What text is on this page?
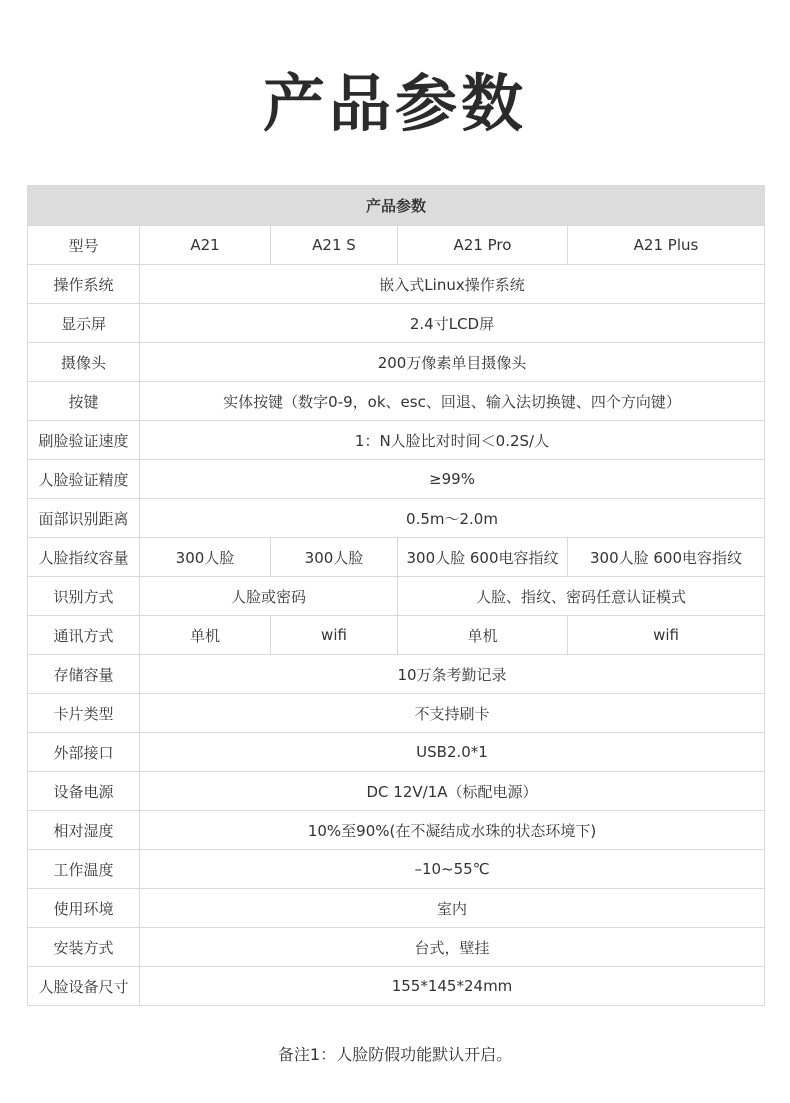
产品参数
产品参数				
型号	A21	A21 S	A21 Pro	A21 Plus
操作系统	嵌入式Linux操作系统			
显示屏	2.4寸LCD屏			
摄像头	200万像素单目摄像头			
按键	实体按键（数字0-9，ok、esc、回退、输入法切换键、四个方向键）			
刷脸验证速度	1：N人脸比对时间＜0.2S/人			
人脸验证精度	≥99%			
面部识别距离	0.5m～2.0m			
人脸指纹容量	300人脸	300人脸	300人脸 600电容指纹	300人脸 600电容指纹
识别方式	人脸或密码		人脸、指纹、密码任意认证模式	
通讯方式	单机	wifi	单机	wifi
存储容量	10万条考勤记录			
卡片类型	不支持刷卡			
外部接口	USB2.0*1			
设备电源	DC 12V/1A（标配电源）			
相对湿度	10%至90%(在不凝结成水珠的状态环境下)			
工作温度	–10~55℃			
使用环境	室内			
安装方式	台式，壁挂			
人脸设备尺寸	155*145*24mm			
备注1：人脸防假功能默认开启。
